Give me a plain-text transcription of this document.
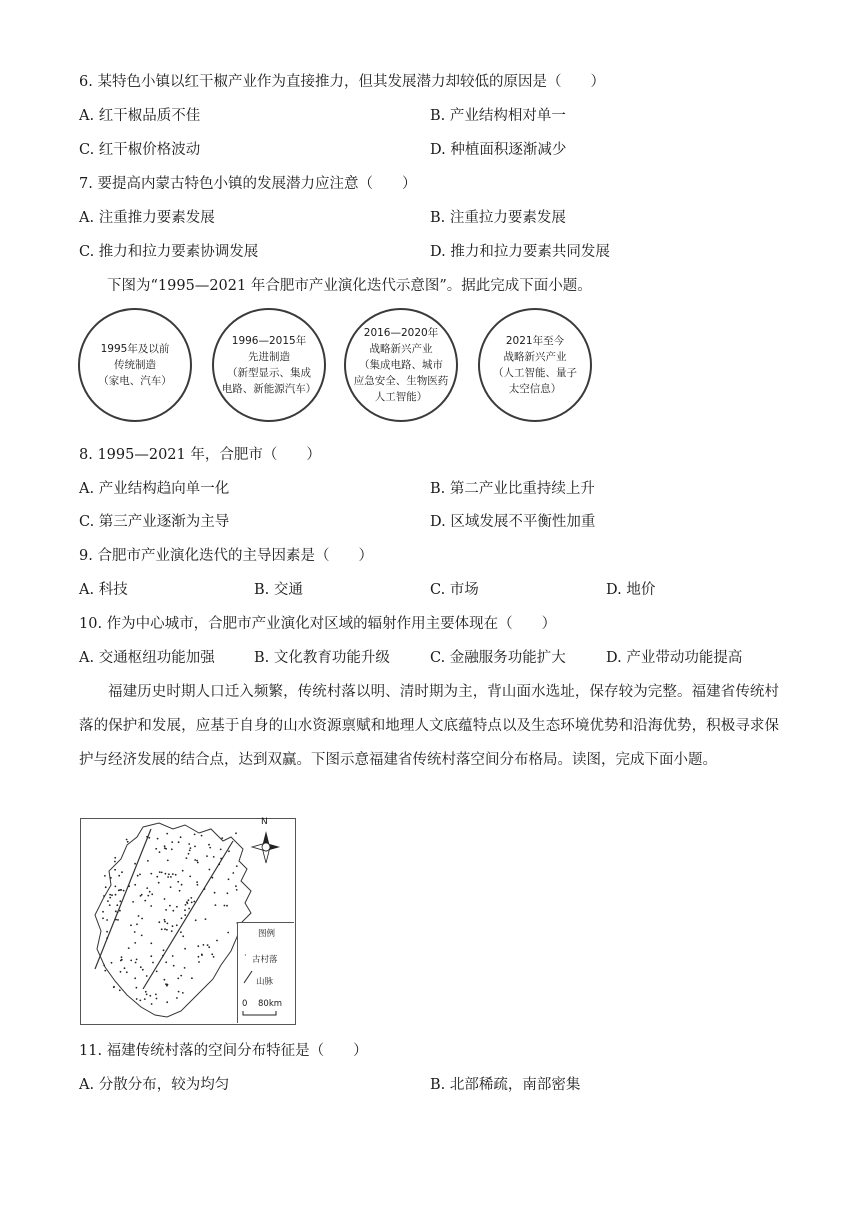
6. 某特色小镇以红干椒产业作为直接推力，但其发展潜力却较低的原因是（　　）
A. 红干椒品质不佳	B. 产业结构相对单一
C. 红干椒价格波动	D. 种植面积逐渐减少
7. 要提高内蒙古特色小镇的发展潜力应注意（　　）
A. 注重推力要素发展	B. 注重拉力要素发展
C. 推力和拉力要素协调发展	D. 推力和拉力要素共同发展
下图为“1995—2021 年合肥市产业演化迭代示意图”。据此完成下面小题。
1995年及以前
传统制造
（家电、汽车）
1996—2015年
先进制造
（新型显示、集成
电路、新能源汽车）
2016—2020年
战略新兴产业
（集成电路、城市
应急安全、生物医药
人工智能）
2021年至今
战略新兴产业
（人工智能、量子
太空信息）
8. 1995—2021 年，合肥市（　　）
A. 产业结构趋向单一化	B. 第二产业比重持续上升
C. 第三产业逐渐为主导	D. 区域发展不平衡性加重
9. 合肥市产业演化迭代的主导因素是（　　）
A. 科技	B. 交通	C. 市场	D. 地价
10. 作为中心城市，合肥市产业演化对区域的辐射作用主要体现在（　　）
A. 交通枢纽功能加强	B. 文化教育功能升级	C. 金融服务功能扩大	D. 产业带动功能提高
福建历史时期人口迁入频繁，传统村落以明、清时期为主，背山面水选址，保存较为完整。福建省传统村落的保护和发展，应基于自身的山水资源禀赋和地理人文底蕴特点以及生态环境优势和沿海优势，积极寻求保护与经济发展的结合点，达到双赢。下图示意福建省传统村落空间分布格局。读图，完成下面小题。
N
图例
· 古村落
山脉
0 80km
11. 福建传统村落的空间分布特征是（　　）
A. 分散分布，较为均匀	B. 北部稀疏，南部密集
